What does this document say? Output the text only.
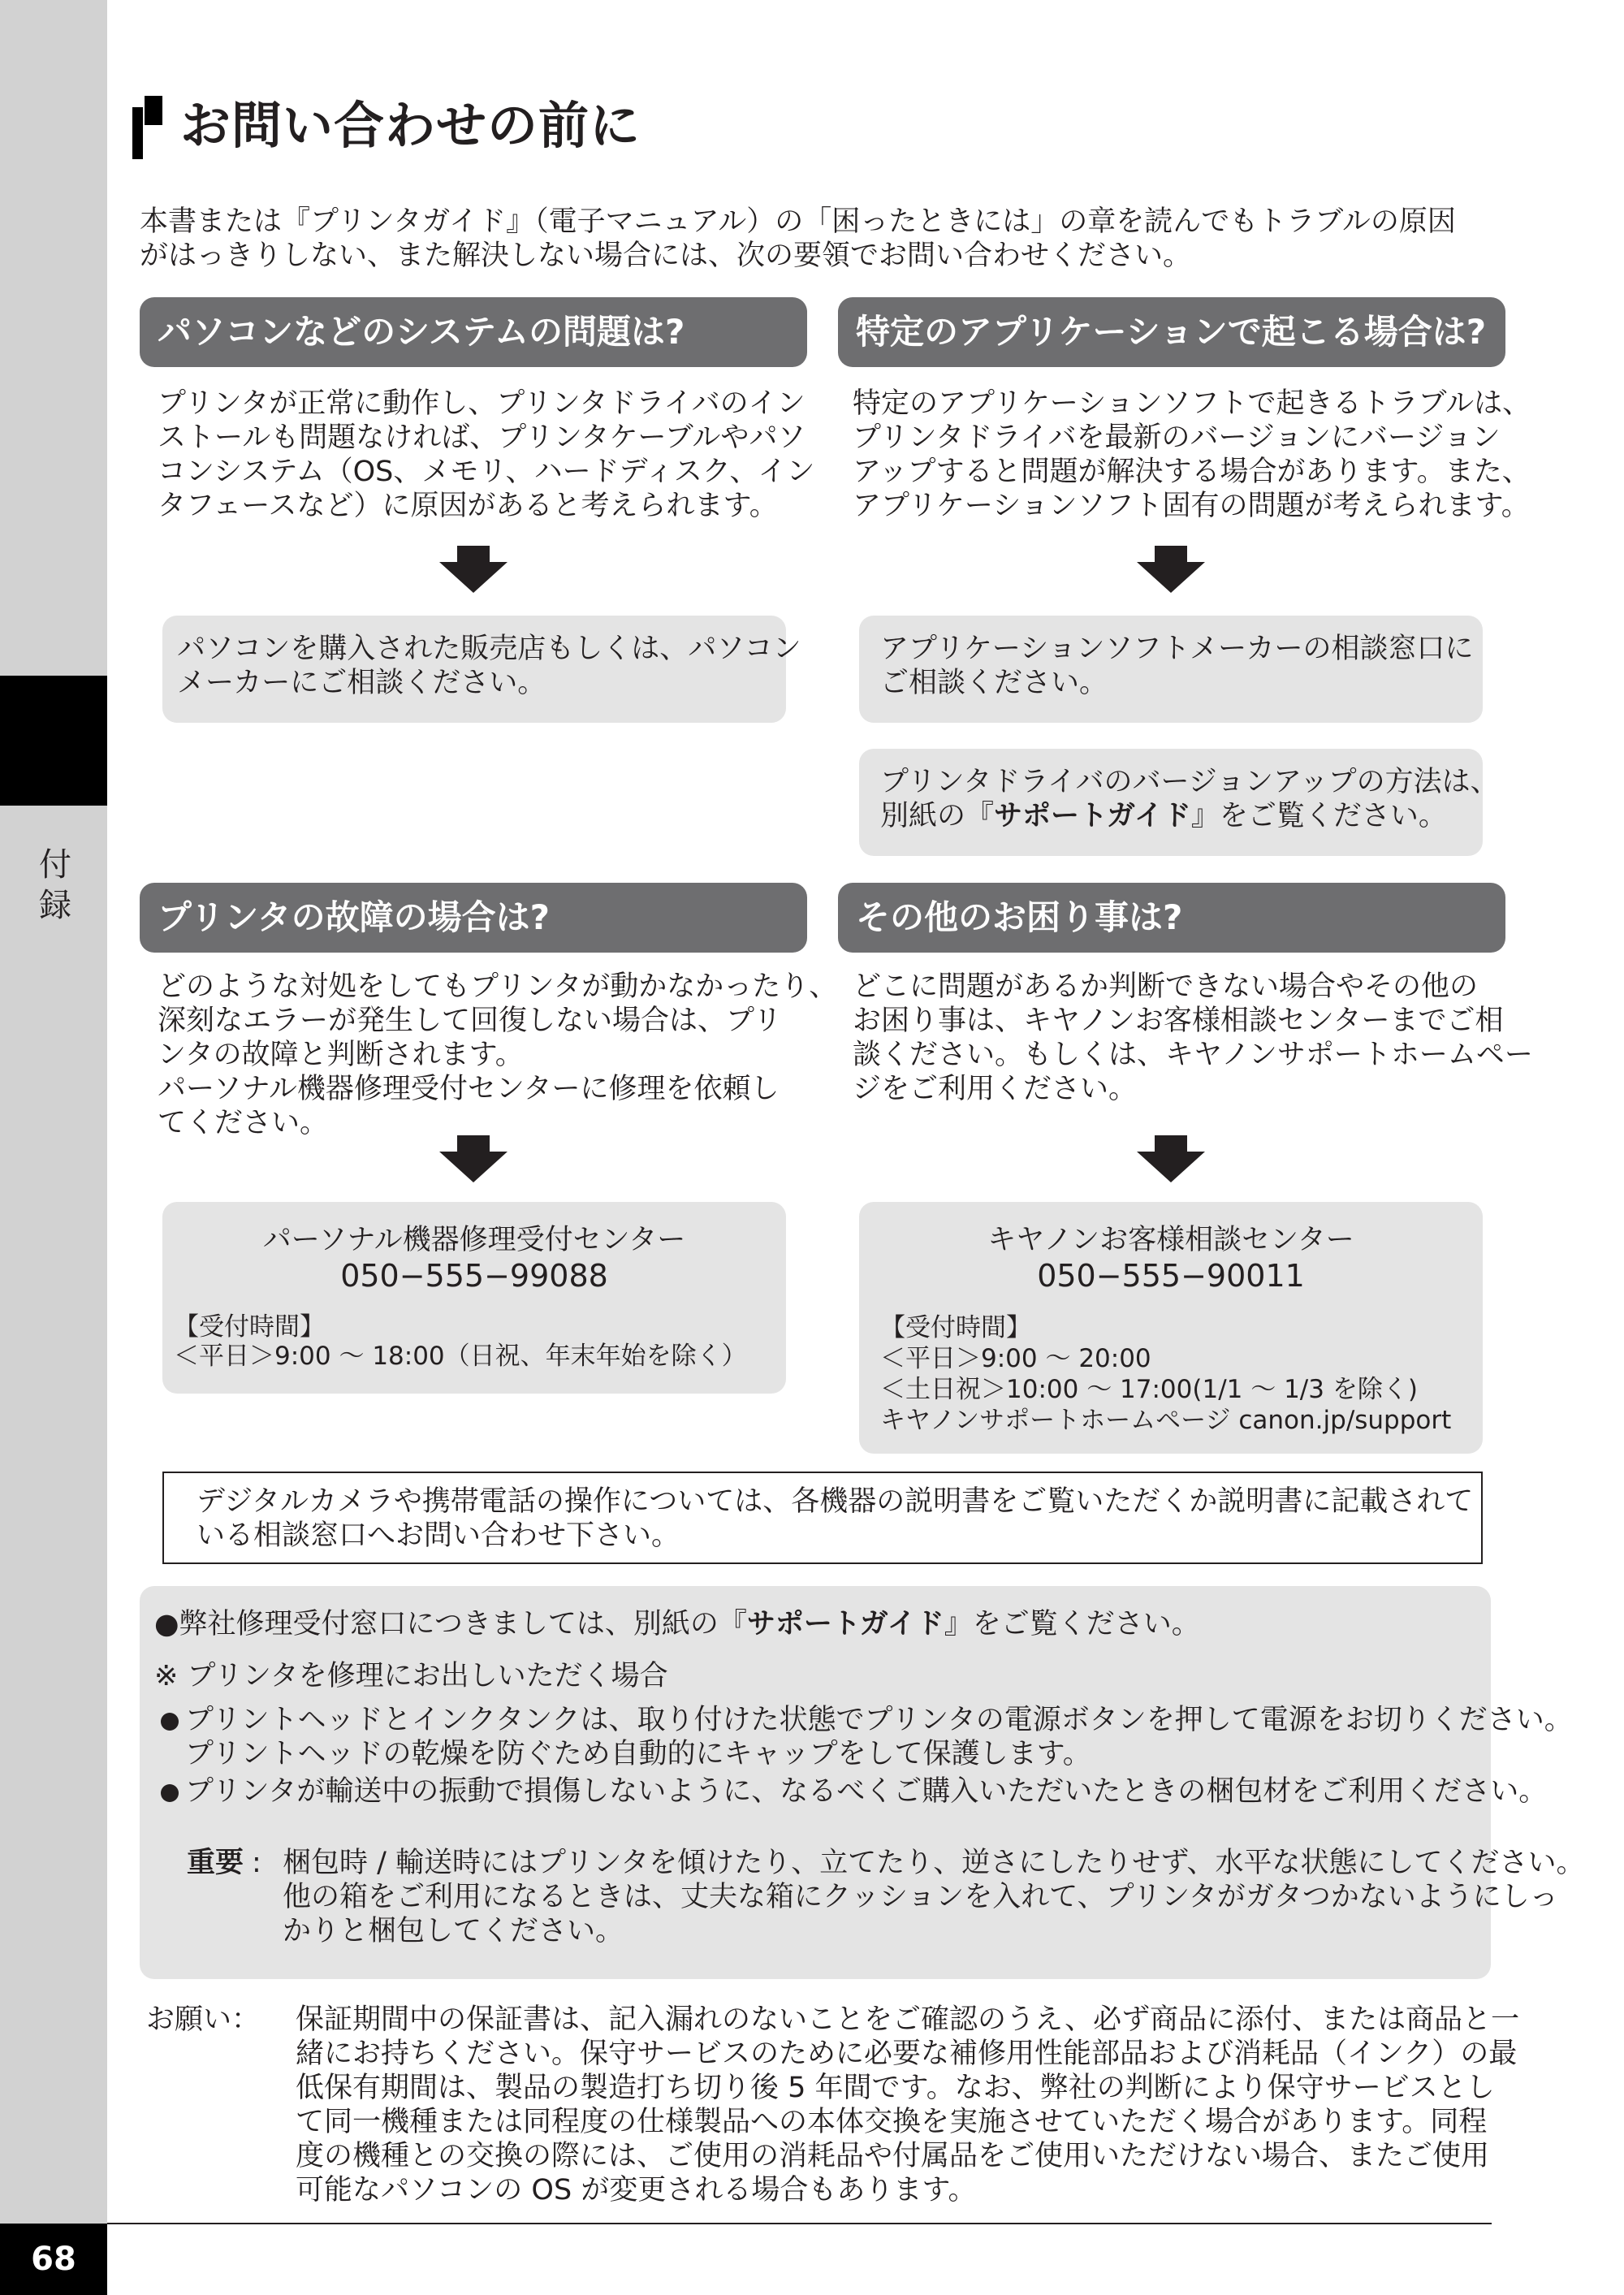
付
録
68
お問い合わせの前に
本書または『プリンタガイド』（電子マニュアル）の「困ったときには」の章を読んでもトラブルの原因
がはっきりしない、また解決しない場合には、次の要領でお問い合わせください。
パソコンなどのシステムの問題は?
プリンタが正常に動作し、プリンタドライバのイン
ストールも問題なければ、プリンタケーブルやパソ
コンシステム（OS、メモリ、ハードディスク、イン
タフェースなど）に原因があると考えられます。
パソコンを購入された販売店もしくは、パソコン
メーカーにご相談ください。
特定のアプリケーションで起こる場合は?
特定のアプリケーションソフトで起きるトラブルは、
プリンタドライバを最新のバージョンにバージョン
アップすると問題が解決する場合があります。また、
アプリケーションソフト固有の問題が考えられます。
アプリケーションソフトメーカーの相談窓口に
ご相談ください。
プリンタドライバのバージョンアップの方法は、
別紙の『サポートガイド』をご覧ください。
プリンタの故障の場合は?
どのような対処をしてもプリンタが動かなかったり、
深刻なエラーが発生して回復しない場合は、プリ
ンタの故障と判断されます。
パーソナル機器修理受付センターに修理を依頼し
てください。
パーソナル機器修理受付センター
050−555−99088
【受付時間】
＜平日＞9:00 ～ 18:00（日祝、年末年始を除く）
その他のお困り事は?
どこに問題があるか判断できない場合やその他の
お困り事は、キヤノンお客様相談センターまでご相
談ください。もしくは、キヤノンサポートホームペー
ジをご利用ください。
キヤノンお客様相談センター
050−555−90011
【受付時間】
＜平日＞9:00 ～ 20:00
＜土日祝＞10:00 ～ 17:00(1/1 ～ 1/3 を除く)
キヤノンサポートホームページ canon.jp/support
デジタルカメラや携帯電話の操作については、各機器の説明書をご覧いただくか説明書に記載されて
いる相談窓口へお問い合わせ下さい。
●弊社修理受付窓口につきましては、別紙の『サポートガイド』をご覧ください。
※ プリンタを修理にお出しいただく場合
プリントヘッドとインクタンクは、取り付けた状態でプリンタの電源ボタンを押して電源をお切りください。
プリントヘッドの乾燥を防ぐため自動的にキャップをして保護します。
プリンタが輸送中の振動で損傷しないように、なるべくご購入いただいたときの梱包材をご利用ください。
重要 : 梱包時 / 輸送時にはプリンタを傾けたり、立てたり、逆さにしたりせず、水平な状態にしてください。
他の箱をご利用になるときは、丈夫な箱にクッションを入れて、プリンタがガタつかないようにしっ
かりと梱包してください。
お願い： 保証期間中の保証書は、記入漏れのないことをご確認のうえ、必ず商品に添付、または商品と一
緒にお持ちください。保守サービスのために必要な補修用性能部品および消耗品（インク）の最
低保有期間は、製品の製造打ち切り後 5 年間です。なお、弊社の判断により保守サービスとし
て同一機種または同程度の仕様製品への本体交換を実施させていただく場合があります。同程
度の機種との交換の際には、ご使用の消耗品や付属品をご使用いただけない場合、またご使用
可能なパソコンの OS が変更される場合もあります。
